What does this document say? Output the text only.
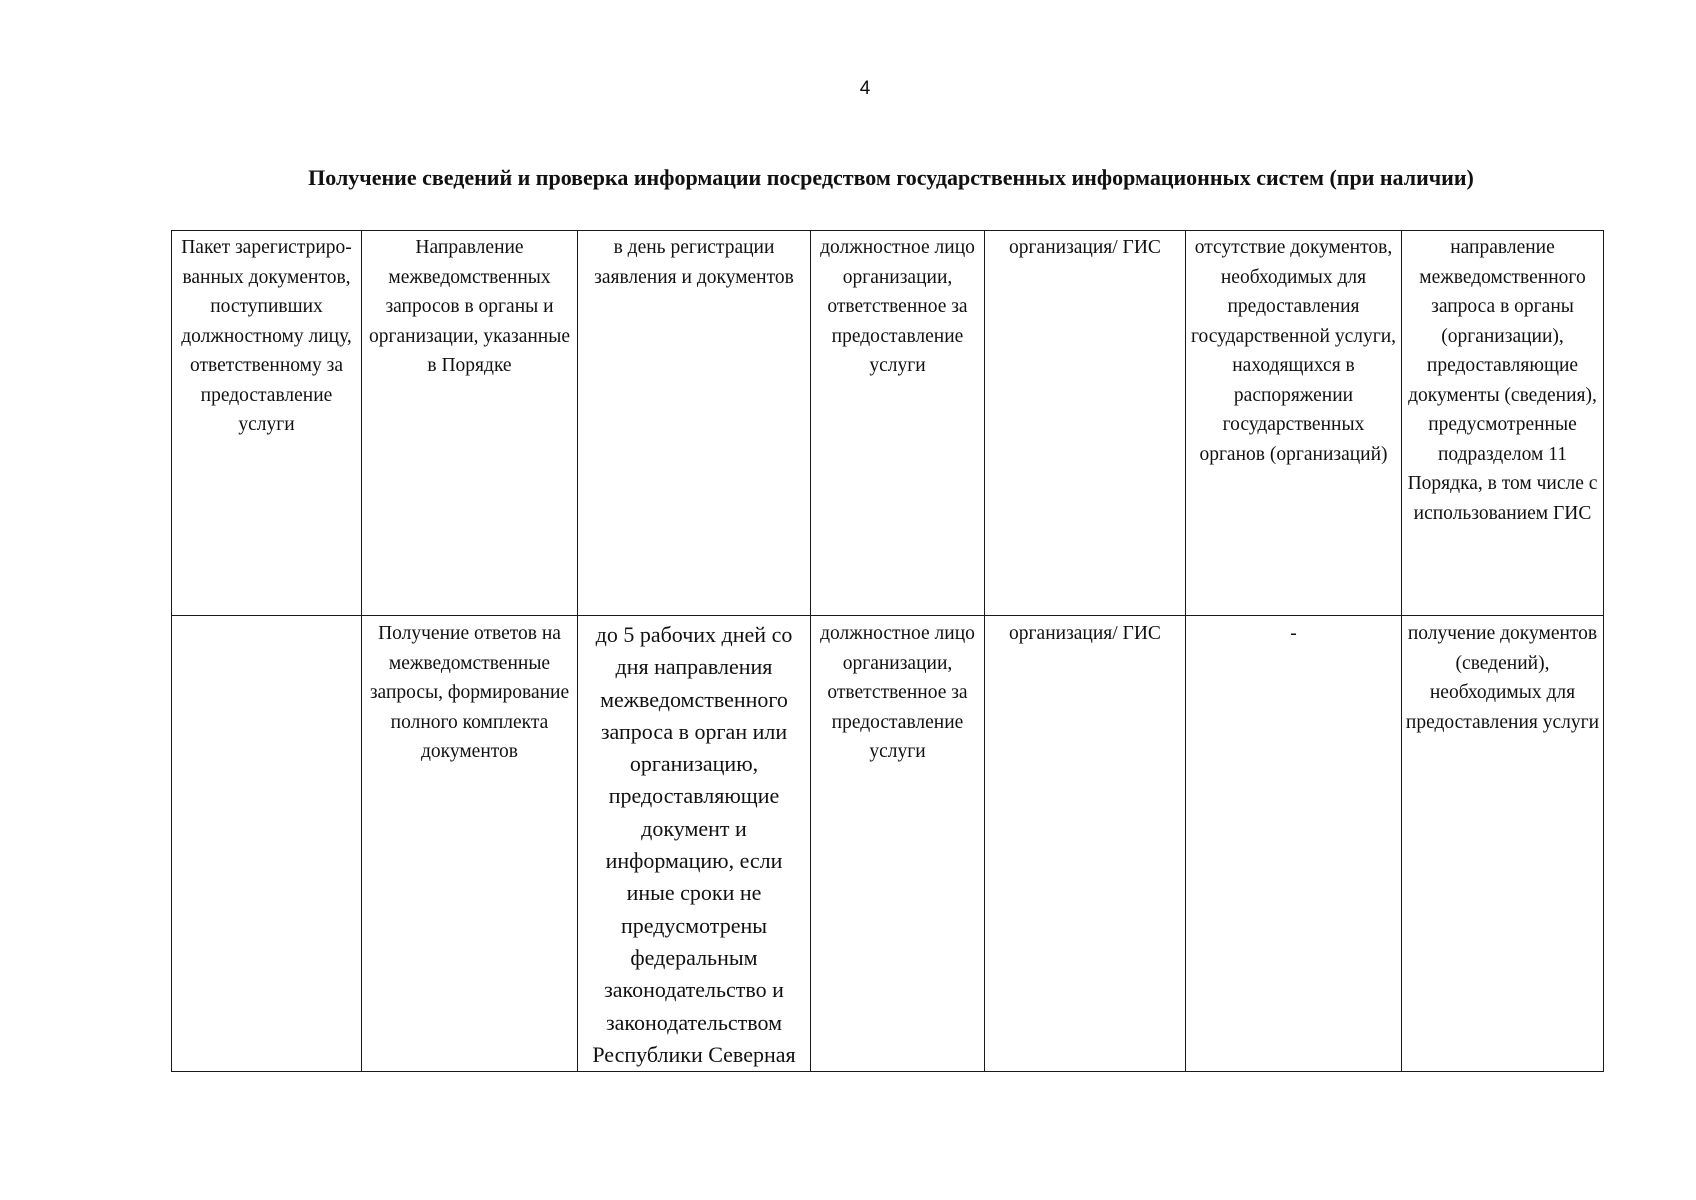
4
Получение сведений и проверка информации посредством государственных информационных систем (при наличии)
Пакет зарегистриро-ванных документов, поступивших должностному лицу, ответственному за предоставление услуги	Направление межведомственных запросов в органы и организации, указанные в Порядке	в день регистрации заявления и документов	должностное лицо организации, ответственное за предоставление услуги	организация/ ГИС	отсутствие документов, необходимых для предоставления государственной услуги, находящихся в распоряжении государственных органов (организаций)	направление межведомственного запроса в органы (организации), предоставляющие документы (сведения), предусмотренные подразделом 11 Порядка, в том числе с использованием ГИС
	Получение ответов на межведомственные запросы, формирование полного комплекта документов	до 5 рабочих дней со дня направления межведомственного запроса в орган или организацию, предоставляющие документ и информацию, если иные сроки не предусмотрены федеральным законодательство и законодательством Республики Северная	должностное лицо организации, ответственное за предоставление услуги	организация/ ГИС	-	получение документов (сведений), необходимых для предоставления услуги
